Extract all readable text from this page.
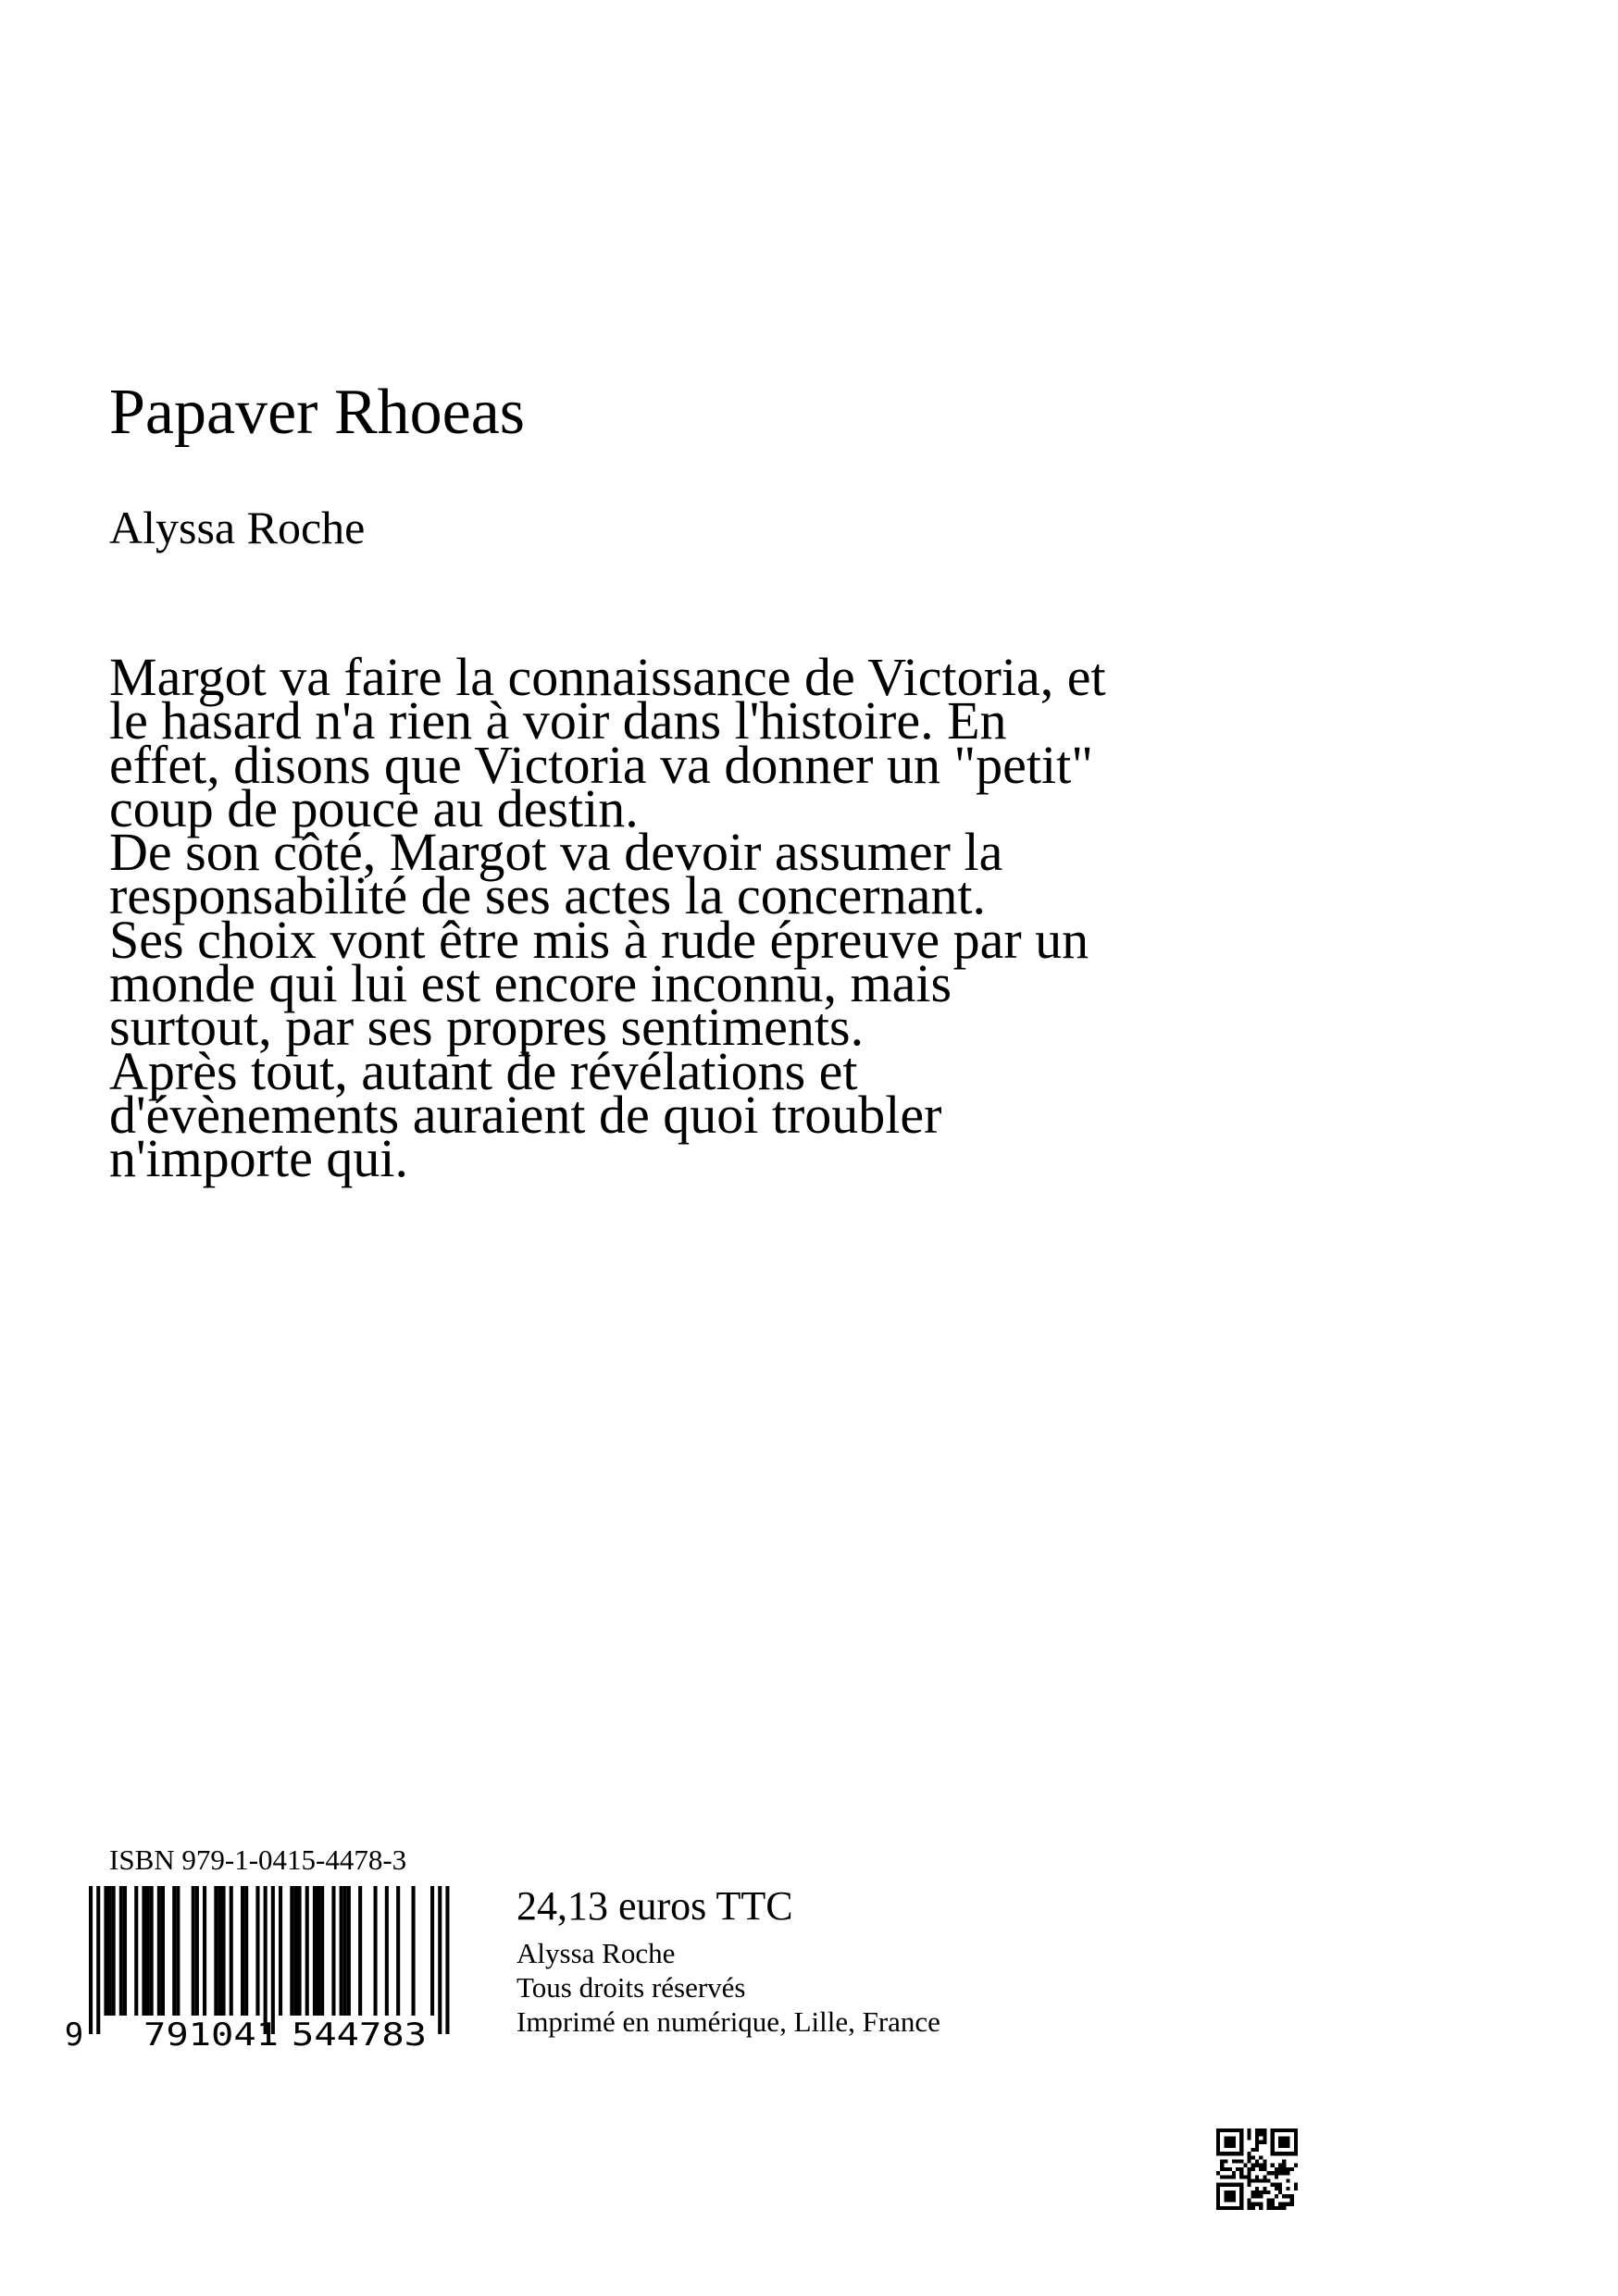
Papaver Rhoeas
Alyssa Roche

Margot va faire la connaissance de Victoria, et

le hasard n'a rien à voir dans l'histoire. En

effet, disons que Victoria va donner un "petit"

coup de pouce au destin.

De son côté, Margot va devoir assumer la

responsabilité de ses actes la concernant.

Ses choix vont être mis à rude épreuve par un

monde qui lui est encore inconnu, mais

surtout, par ses propres sentiments.

Après tout, autant de révélations et

d'évènements auraient de quoi troubler

n'importe qui.

ISBN 979-1-0415-4478-3
9 791041 544783
24,13 euros TTC
Alyssa Roche
Tous droits réservés
Imprimé en numérique, Lille, France
